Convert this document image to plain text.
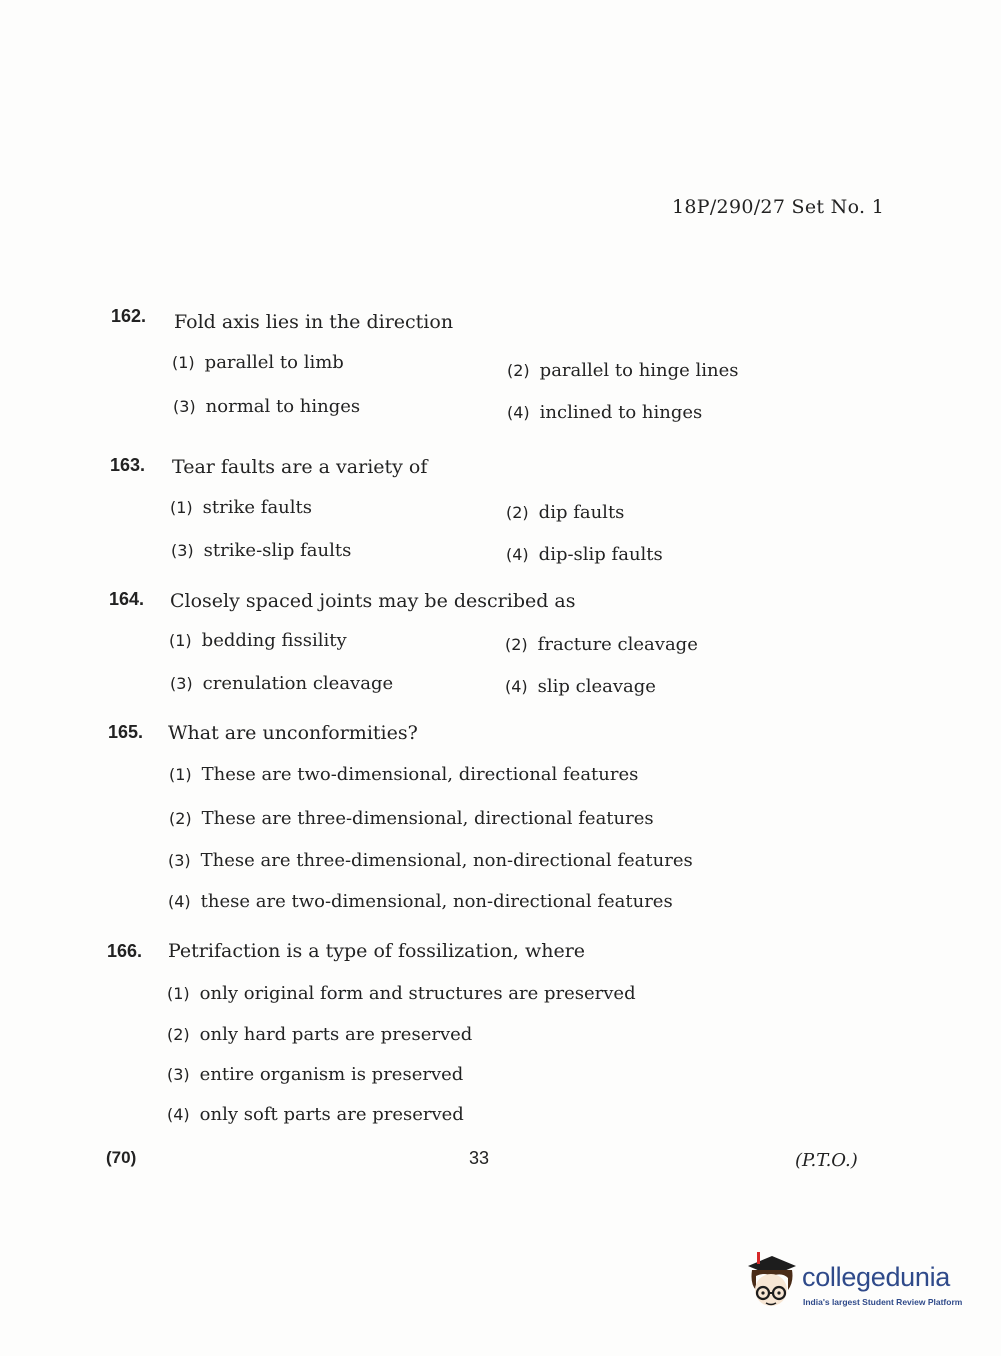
18P/290/27 Set No. 1
162. Fold axis lies in the direction
(1) parallel to limb	(2) parallel to hinge lines
(3) normal to hinges	(4) inclined to hinges
163. Tear faults are a variety of
(1) strike faults	(2) dip faults
(3) strike-slip faults	(4) dip-slip faults
164. Closely spaced joints may be described as
(1) bedding fissility	(2) fracture cleavage
(3) crenulation cleavage	(4) slip cleavage
165. What are unconformities?
(1) These are two-dimensional, directional features
(2) These are three-dimensional, directional features
(3) These are three-dimensional, non-directional features
(4) these are two-dimensional, non-directional features
166. Petrifaction is a type of fossilization, where
(1) only original form and structures are preserved
(2) only hard parts are preserved
(3) entire organism is preserved
(4) only soft parts are preserved
(70)	33	(P.T.O.)
collegedunia
India's largest Student Review Platform
